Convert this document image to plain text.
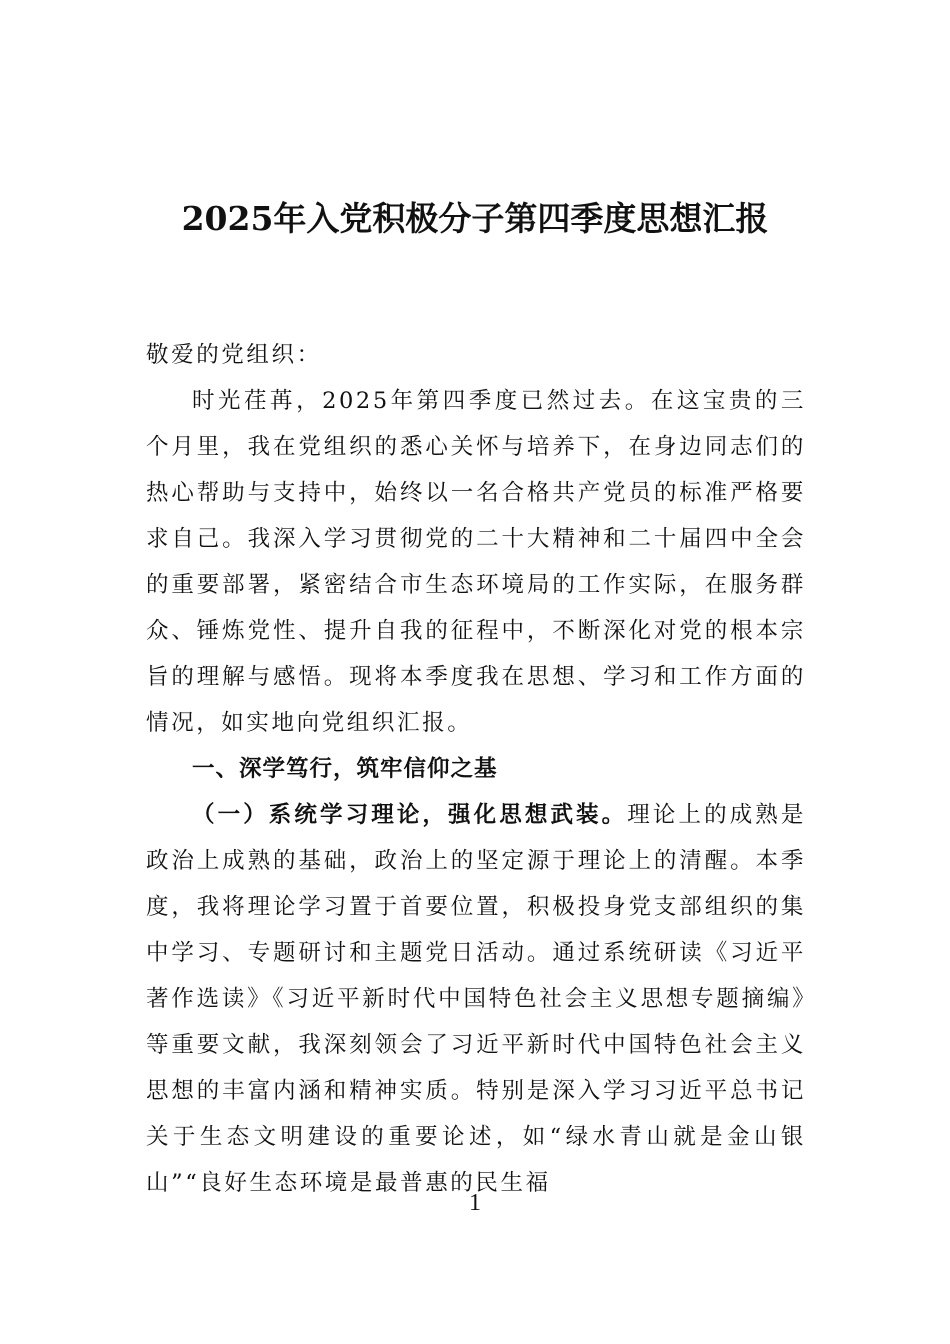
2025年入党积极分子第四季度思想汇报

敬爱的党组织：

时光荏苒，2025年第四季度已然过去。在这宝贵的三个月里，我在党组织的悉心关怀与培养下，在身边同志们的热心帮助与支持中，始终以一名合格共产党员的标准严格要求自己。我深入学习贯彻党的二十大精神和二十届四中全会的重要部署，紧密结合市生态环境局的工作实际，在服务群众、锤炼党性、提升自我的征程中，不断深化对党的根本宗旨的理解与感悟。现将本季度我在思想、学习和工作方面的情况，如实地向党组织汇报。

一、深学笃行，筑牢信仰之基

（一）系统学习理论，强化思想武装。理论上的成熟是政治上成熟的基础，政治上的坚定源于理论上的清醒。本季度，我将理论学习置于首要位置，积极投身党支部组织的集中学习、专题研讨和主题党日活动。通过系统研读《习近平著作选读》《习近平新时代中国特色社会主义思想专题摘编》等重要文献，我深刻领会了习近平新时代中国特色社会主义思想的丰富内涵和精神实质。特别是深入学习习近平总书记关于生态文明建设的重要论述，如“绿水青山就是金山银山”“良好生态环境是最普惠的民生福

1
